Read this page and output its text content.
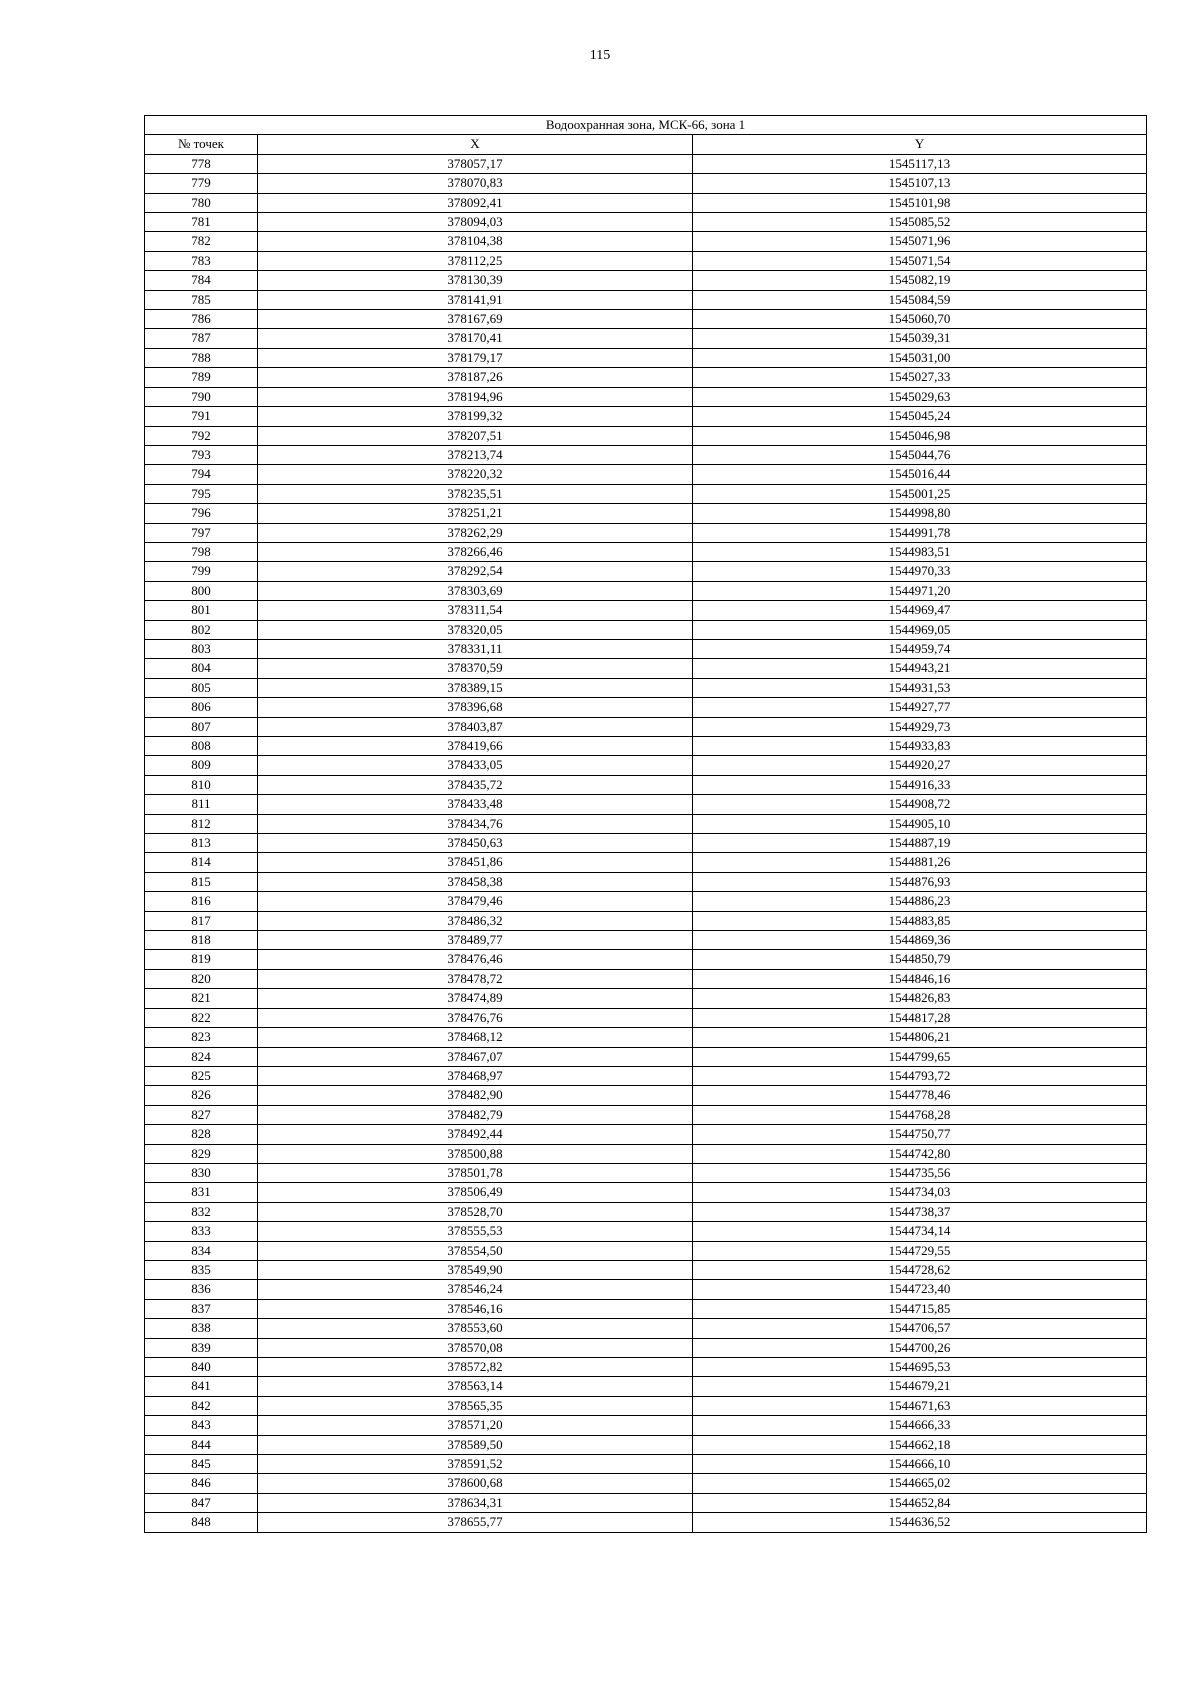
115
Водоохранная зона, МСК-66, зона 1		
№ точек	X	Y
778	378057,17	1545117,13
779	378070,83	1545107,13
780	378092,41	1545101,98
781	378094,03	1545085,52
782	378104,38	1545071,96
783	378112,25	1545071,54
784	378130,39	1545082,19
785	378141,91	1545084,59
786	378167,69	1545060,70
787	378170,41	1545039,31
788	378179,17	1545031,00
789	378187,26	1545027,33
790	378194,96	1545029,63
791	378199,32	1545045,24
792	378207,51	1545046,98
793	378213,74	1545044,76
794	378220,32	1545016,44
795	378235,51	1545001,25
796	378251,21	1544998,80
797	378262,29	1544991,78
798	378266,46	1544983,51
799	378292,54	1544970,33
800	378303,69	1544971,20
801	378311,54	1544969,47
802	378320,05	1544969,05
803	378331,11	1544959,74
804	378370,59	1544943,21
805	378389,15	1544931,53
806	378396,68	1544927,77
807	378403,87	1544929,73
808	378419,66	1544933,83
809	378433,05	1544920,27
810	378435,72	1544916,33
811	378433,48	1544908,72
812	378434,76	1544905,10
813	378450,63	1544887,19
814	378451,86	1544881,26
815	378458,38	1544876,93
816	378479,46	1544886,23
817	378486,32	1544883,85
818	378489,77	1544869,36
819	378476,46	1544850,79
820	378478,72	1544846,16
821	378474,89	1544826,83
822	378476,76	1544817,28
823	378468,12	1544806,21
824	378467,07	1544799,65
825	378468,97	1544793,72
826	378482,90	1544778,46
827	378482,79	1544768,28
828	378492,44	1544750,77
829	378500,88	1544742,80
830	378501,78	1544735,56
831	378506,49	1544734,03
832	378528,70	1544738,37
833	378555,53	1544734,14
834	378554,50	1544729,55
835	378549,90	1544728,62
836	378546,24	1544723,40
837	378546,16	1544715,85
838	378553,60	1544706,57
839	378570,08	1544700,26
840	378572,82	1544695,53
841	378563,14	1544679,21
842	378565,35	1544671,63
843	378571,20	1544666,33
844	378589,50	1544662,18
845	378591,52	1544666,10
846	378600,68	1544665,02
847	378634,31	1544652,84
848	378655,77	1544636,52
